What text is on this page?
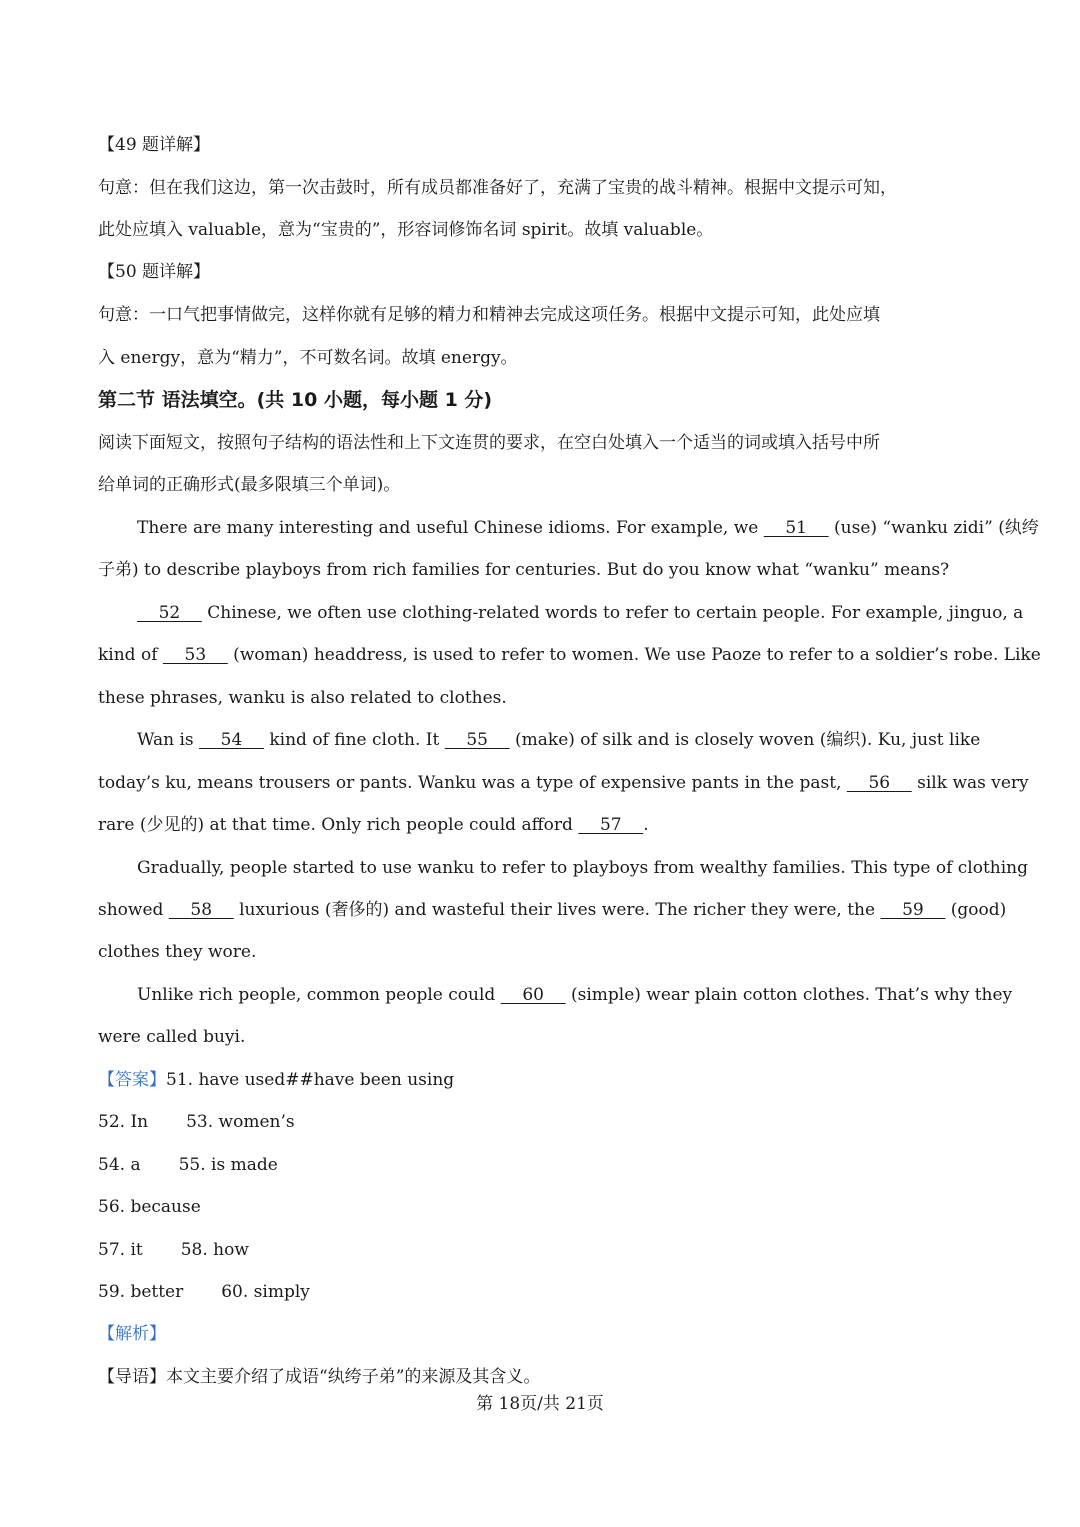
【49 题详解】
句意：但在我们这边，第一次击鼓时，所有成员都准备好了，充满了宝贵的战斗精神。根据中文提示可知，
此处应填入 valuable，意为“宝贵的”，形容词修饰名词 spirit。故填 valuable。
【50 题详解】
句意：一口气把事情做完，这样你就有足够的精力和精神去完成这项任务。根据中文提示可知，此处应填
入 energy，意为“精力”，不可数名词。故填 energy。
第二节 语法填空。(共 10 小题，每小题 1 分)
阅读下面短文，按照句子结构的语法性和上下文连贯的要求，在空白处填入一个适当的词或填入括号中所
给单词的正确形式(最多限填三个单词)。
There are many interesting and useful Chinese idioms. For example, we     51     (use) “wanku zidi” (纨绔
子弟) to describe playboys from rich families for centuries. But do you know what “wanku” means?
52     Chinese, we often use clothing-related words to refer to certain people. For example, jinguo, a
kind of     53     (woman) headdress, is used to refer to women. We use Paoze to refer to a soldier’s robe. Like
these phrases, wanku is also related to clothes.
Wan is     54     kind of fine cloth. It     55     (make) of silk and is closely woven (编织). Ku, just like
today’s ku, means trousers or pants. Wanku was a type of expensive pants in the past,     56     silk was very
rare (少见的) at that time. Only rich people could afford     57    .
Gradually, people started to use wanku to refer to playboys from wealthy families. This type of clothing
showed     58     luxurious (奢侈的) and wasteful their lives were. The richer they were, the     59     (good)
clothes they wore.
Unlike rich people, common people could     60     (simple) wear plain cotton clothes. That’s why they
were called buyi.
【答案】51. have used##have been using
52. In 53. women’s
54. a 55. is made
56. because
57. it 58. how
59. better 60. simply
【解析】
【导语】本文主要介绍了成语“纨绔子弟”的来源及其含义。
第 18页/共 21页
